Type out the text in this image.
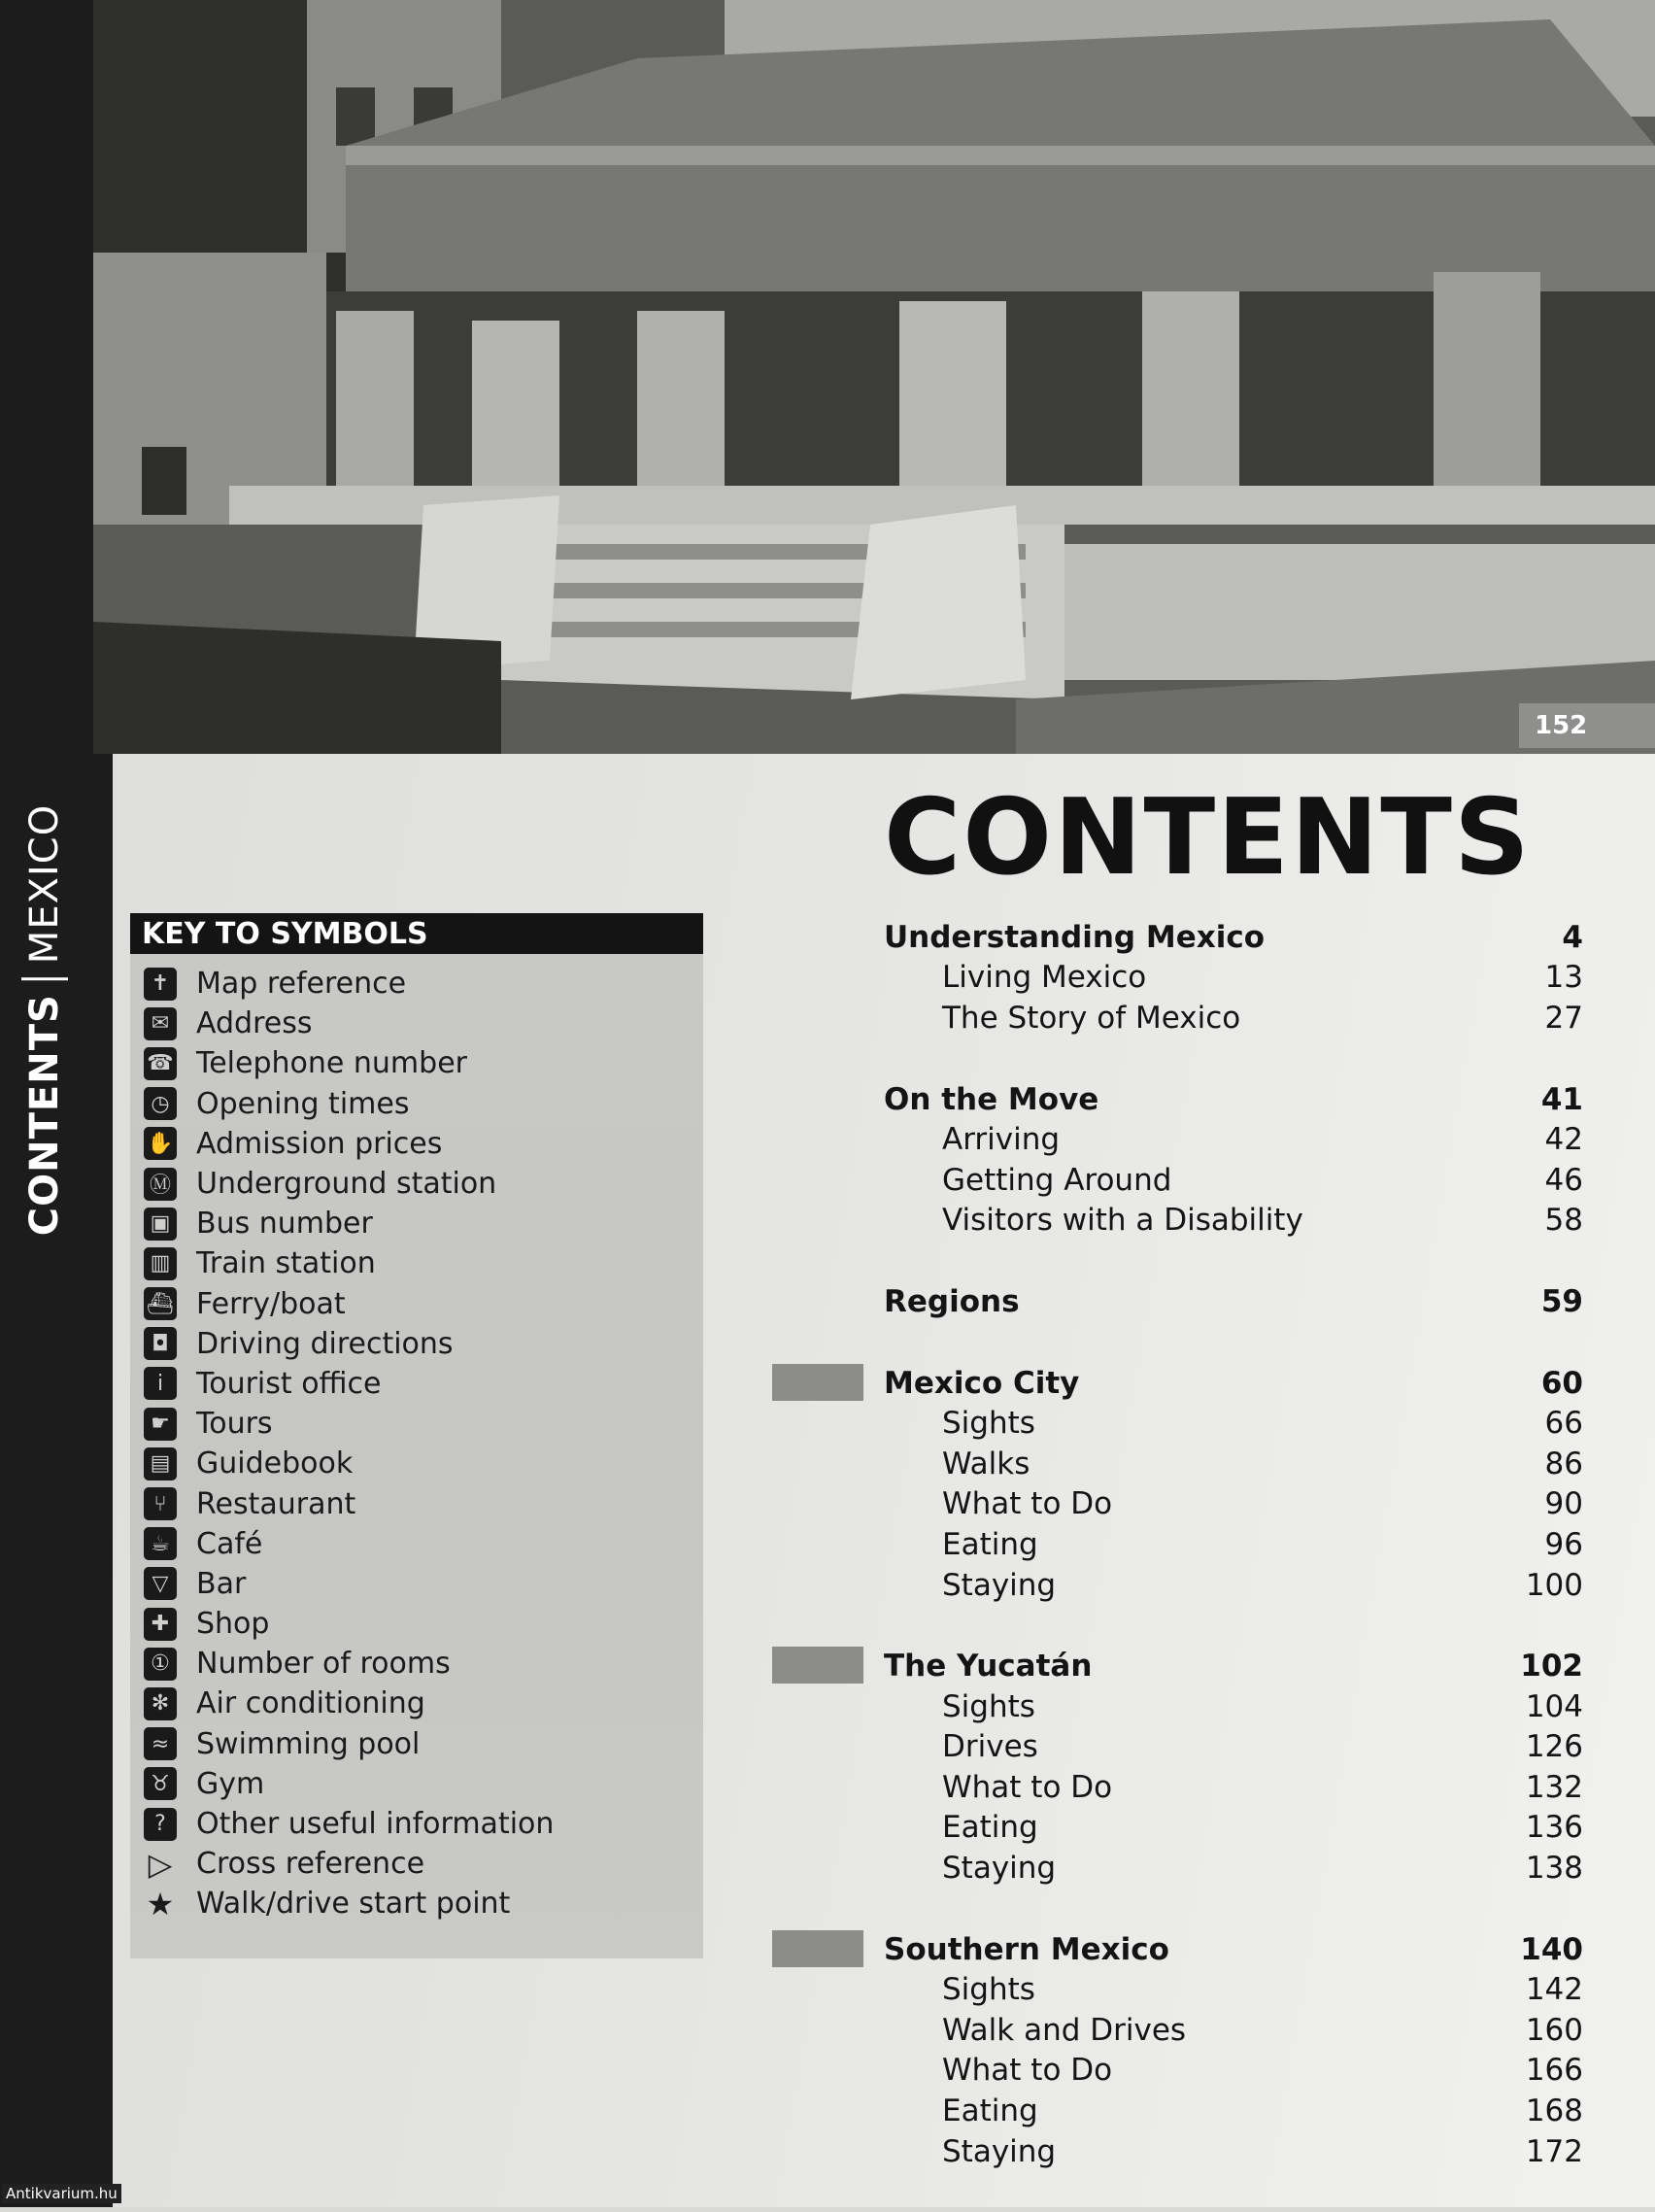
CONTENTS
MEXICO
152
CONTENTS
KEY TO SYMBOLS
✝ Map reference
✉ Address
☎ Telephone number
◷ Opening times
✋ Admission prices
Ⓜ Underground station
▣ Bus number
▥ Train station
⛴ Ferry/boat
◘ Driving directions
i	Tourist office
☛ Tours
▤ Guidebook
⑂	Restaurant
☕ Café
▽ Bar
✚ Shop
① Number of rooms
✻ Air conditioning
≈ Swimming pool
♉ Gym
?	Other useful information
▷ Cross reference
★ Walk/drive start point
Understanding Mexico	4
Living Mexico	13
The Story of Mexico	27
On the Move	41
Arriving	42
Getting Around	46
Visitors with a Disability	58
Regions	59
Mexico City	60
Sights	66
Walks	86
What to Do	90
Eating	96
Staying	100
The Yucatán	102
Sights	104
Drives	126
What to Do	132
Eating	136
Staying	138
Southern Mexico	140
Sights	142
Walk and Drives	160
What to Do	166
Eating	168
Staying	172
Antikvarium.hu
